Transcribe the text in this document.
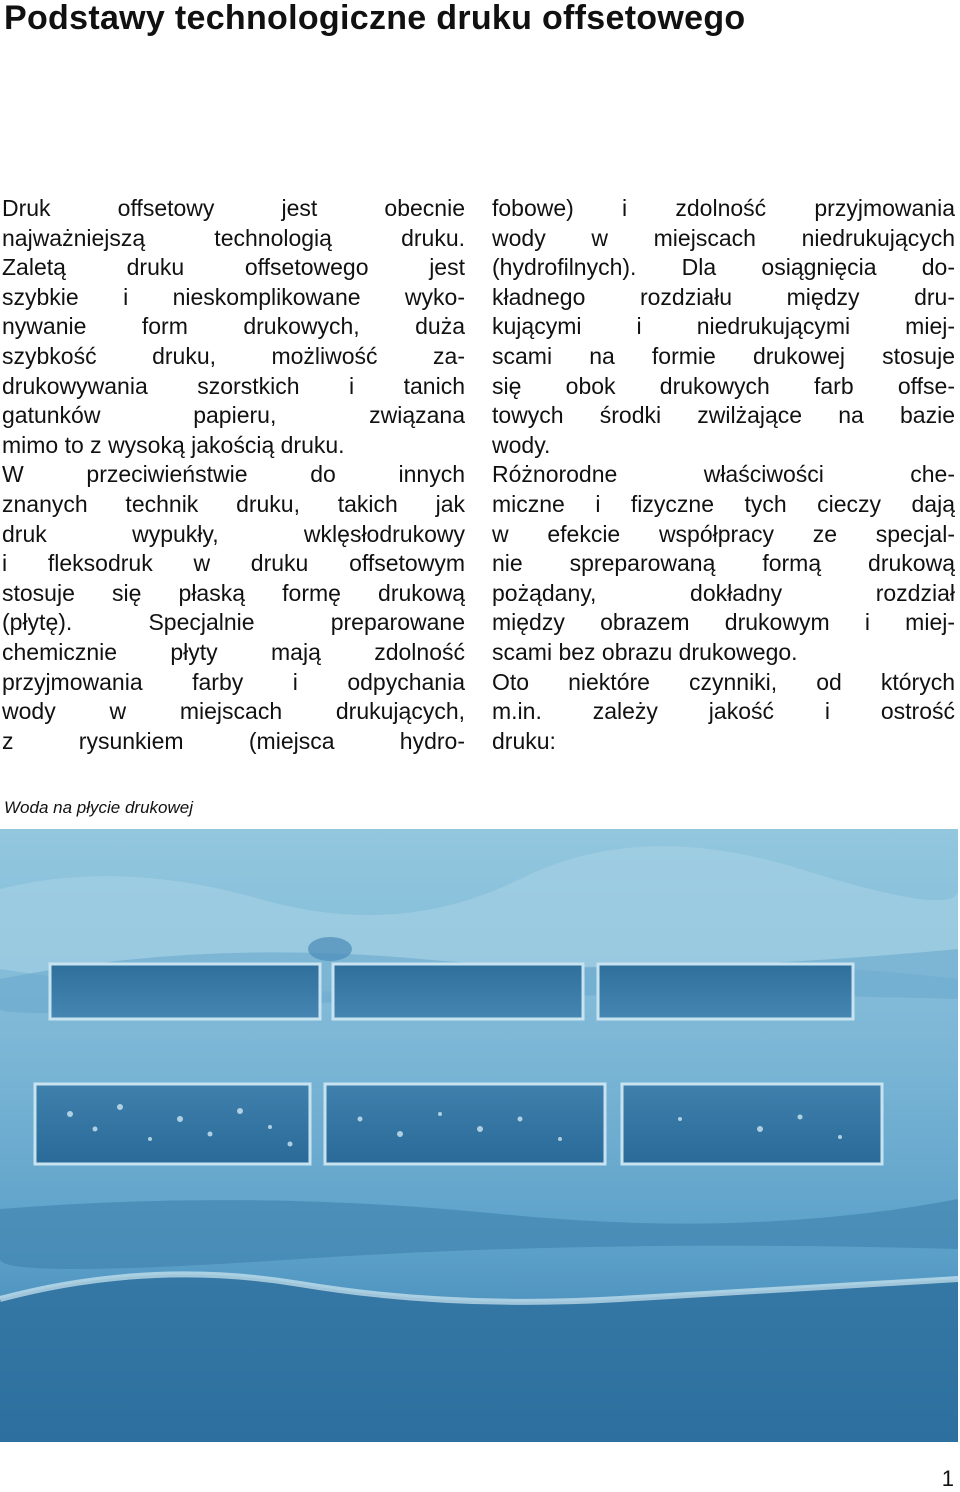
Podstawy technologiczne druku offsetowego
Druk offsetowy jest obecnie
najważniejszą technologią druku.
Zaletą druku offsetowego jest
szybkie i nieskomplikowane wyko-
nywanie form drukowych, duża
szybkość druku, możliwość za-
drukowywania szorstkich i tanich
gatunków papieru, związana
mimo to z wysoką jakością druku.
W przeciwieństwie do innych
znanych technik druku, takich jak
druk wypukły, wklęsłodrukowy
i fleksodruk w druku offsetowym
stosuje się płaską formę drukową
(płytę). Specjalnie preparowane
chemicznie płyty mają zdolność
przyjmowania farby i odpychania
wody w miejscach drukujących,
z rysunkiem (miejsca hydro-
fobowe) i zdolność przyjmowania
wody w miejscach niedrukujących
(hydrofilnych). Dla osiągnięcia do-
kładnego rozdziału między dru-
kującymi i niedrukującymi miej-
scami na formie drukowej stosuje
się obok drukowych farb offse-
towych środki zwilżające na bazie
wody.
Różnorodne właściwości che-
miczne i fizyczne tych cieczy dają
w efekcie współpracy ze specjal-
nie spreparowaną formą drukową
pożądany, dokładny rozdział
między obrazem drukowym i miej-
scami bez obrazu drukowego.
Oto niektóre czynniki, od których
m.in. zależy jakość i ostrość
druku:
Woda na płycie drukowej
1
